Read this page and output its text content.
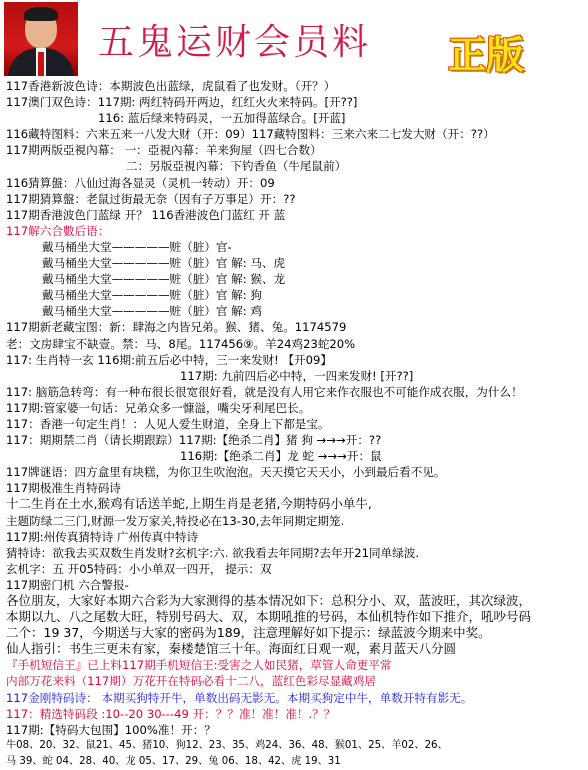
五鬼运财会员料 正版
117香港新波色诗：本期波色出蓝绿，虎鼠看了也发财。（开？）
117澳门双色诗：117期: 两红特码开两边，红红火火来特码。[开??]
116: 蓝后绿来特码灵，一五加得蓝绿合。[开蓝]
116藏特图料：六来五来一八发大财（开：09）117藏特图料：三来六来二七发大财（开：??）
117期两版亞視內幕： 一：亞視內幕：羊来狗屋（四七合数）
二：另版亞視內幕：下钓香鱼（牛尾鼠前）
116猜算盤：八仙过海各显灵（灵机一转动）开：09
117期猜算盤：老鼠过街最无奈（因有子万事足）开：??
117期香港波色门蓝绿 开？ 116香港波色门蓝红 开 蓝
117解六合數后语：
戴马桶坐大堂—————赃（脏）官-
戴马桶坐大堂—————赃（脏）官 解: 马、虎
戴马桶坐大堂—————赃（脏）官 解: 猴、龙
戴马桶坐大堂—————赃（脏）官 解: 狗
戴马桶坐大堂—————赃（脏）官 解: 鸡
117期新老藏宝图：新：肆海之内皆兄弟。猴、猪、兔。1174579
老：文房肆宝不缺壹。禁：马、8尾。117456⑨。羊24鸡23蛇20%
117: 生肖特一玄 116期:前五后必中特，三一来发财! 【开09】
117期: 九前四后必中特，一四来发财! [开??]
117: 脑筋急转弯：有一种布很长很宽很好看，就是没有人用它来作衣服也不可能作成衣服，为什么！
117期:管家婆一句话：兄弟众多一慷溢，嘴尖牙利尾巴长。
117：香港一句定生肖！：人见人爱生财道，全身上下都是宝。
117：期期禁二肖（请长期跟踪）117期:【绝杀二肖】猪 狗 →→→开：??
116期:【绝杀二肖】龙 蛇 →→→开：鼠
117牌谜语：四方盒里有块糕，为你卫生吹泡泡。天天摸它天天小，小到最后看不见。
117期极准生肖特码诗
十二生肖在土水,猴鸡有话送羊蛇,上期生肖是老猪,今期特码小单牛,
主题防绿二三门,财源一发万家关,特投必在13-30,去年同期定期笼.
117期:州传真猜特诗 广州传真中特诗
猜特诗：欲我去买双数生肖发财?玄机字:六. 欲我看去年同期?去年开21同单绿波.
玄机字：五 开05特码：小小单双一四开， 提示：双
117期密门机 六合警报-
各位朋友，大家好本期六合彩为大家测得的基本情况如下：总积分小、双，蓝波旺，其次绿波，
本期以九、八之尾数大旺，特别号码大、双，本期吼推的号码，本仙机特作如下推介，吼吵号码
二个：19 37，今期送与大家的密码为189，注意理解好如下提示：绿蓝波今期来中奖。
仙人指引：书生三更未有家，秦楼楚馆三十年。海面红日观一观，素月蓝天八分圆
『手机短信王』已上料117期手机短信王:受害之人如民猪，草管人命更平常
内部万花来料（117期）万花开在特码必看十二八，蓝红色彩尽显藏鸡居
117金刚特码诗： 本期买狗特开牛，单数出码无影无。本期买狗定中牛，单数开特有影无。
117：精选特码段 :10--20 30---49 开：？？准！准！准！.？？
117期:【特码大包围】100%准！开：？
牛08、20、32、鼠21、45、猪10、狗12、23、35、鸡24、36、48、猴01、25、羊02、26、
马 39、蛇 04、28、40、龙 05、17、29、兔 06、18、42、虎 19、31
